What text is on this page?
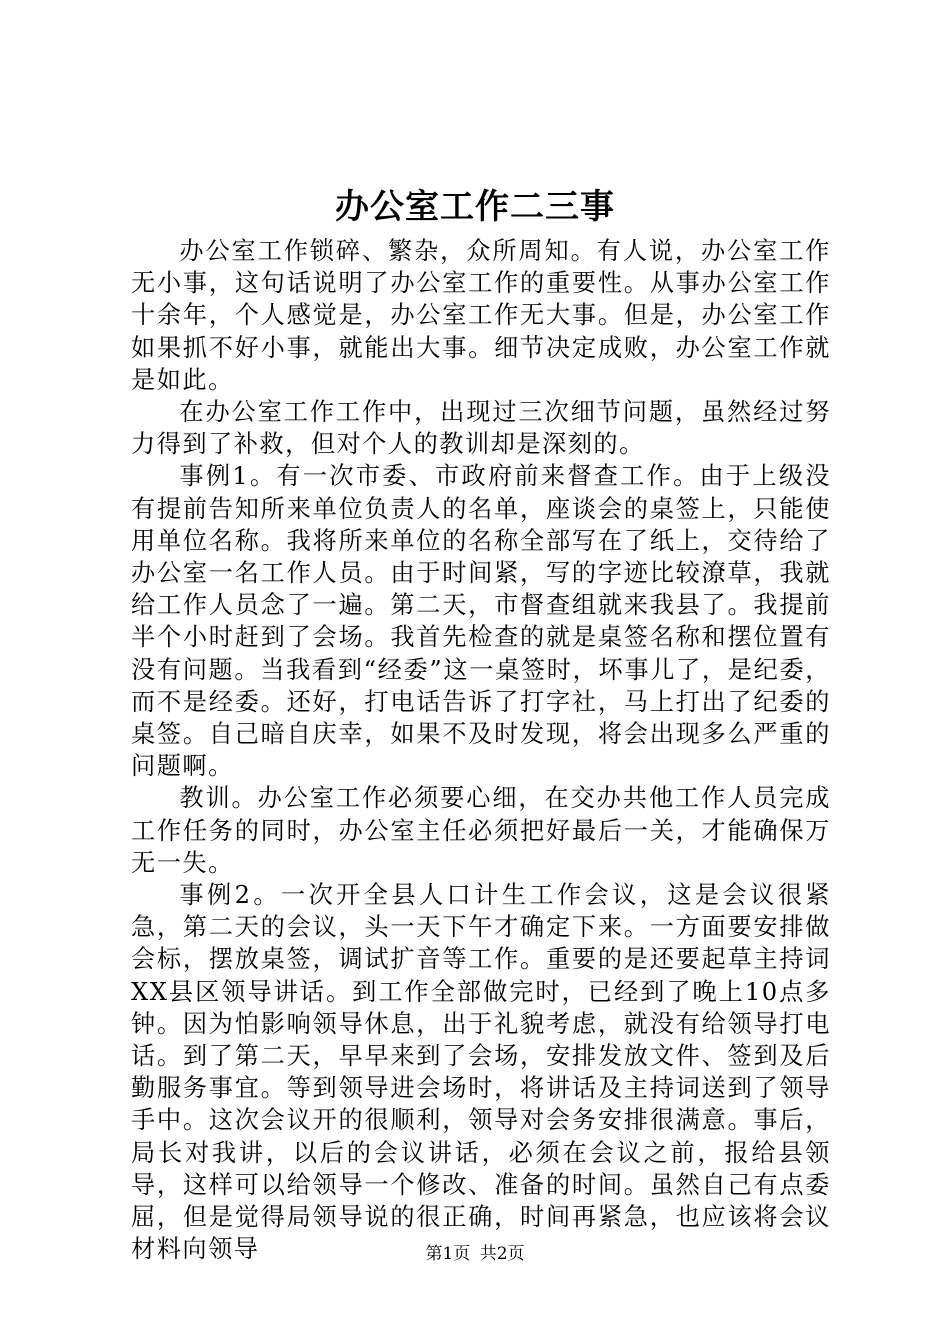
办公室工作二三事

办公室工作锁碎、繁杂，众所周知。有人说，办公室工作无小事，这句话说明了办公室工作的重要性。从事办公室工作十余年，个人感觉是，办公室工作无大事。但是，办公室工作如果抓不好小事，就能出大事。细节决定成败，办公室工作就是如此。

在办公室工作工作中，出现过三次细节问题，虽然经过努力得到了补救，但对个人的教训却是深刻的。

事例1。有一次市委、市政府前来督查工作。由于上级没有提前告知所来单位负责人的名单，座谈会的桌签上，只能使用单位名称。我将所来单位的名称全部写在了纸上，交待给了办公室一名工作人员。由于时间紧，写的字迹比较潦草，我就给工作人员念了一遍。第二天，市督查组就来我县了。我提前半个小时赶到了会场。我首先检查的就是桌签名称和摆位置有没有问题。当我看到“经委”这一桌签时，坏事儿了，是纪委，而不是经委。还好，打电话告诉了打字社，马上打出了纪委的桌签。自己暗自庆幸，如果不及时发现，将会出现多么严重的问题啊。

教训。办公室工作必须要心细，在交办共他工作人员完成工作任务的同时，办公室主任必须把好最后一关，才能确保万无一失。

事例2。一次开全县人口计生工作会议，这是会议很紧急，第二天的会议，头一天下午才确定下来。一方面要安排做会标，摆放桌签，调试扩音等工作。重要的是还要起草主持词XX县区领导讲话。到工作全部做完时，已经到了晚上10点多钟。因为怕影响领导休息，出于礼貌考虑，就没有给领导打电话。到了第二天，早早来到了会场，安排发放文件、签到及后勤服务事宜。等到领导进会场时，将讲话及主持词送到了领导手中。这次会议开的很顺利，领导对会务安排很满意。事后，局长对我讲，以后的会议讲话，必须在会议之前，报给县领导，这样可以给领导一个修改、准备的时间。虽然自己有点委屈，但是觉得局领导说的很正确，时间再紧急，也应该将会议材料向领导	第1页 共2页
